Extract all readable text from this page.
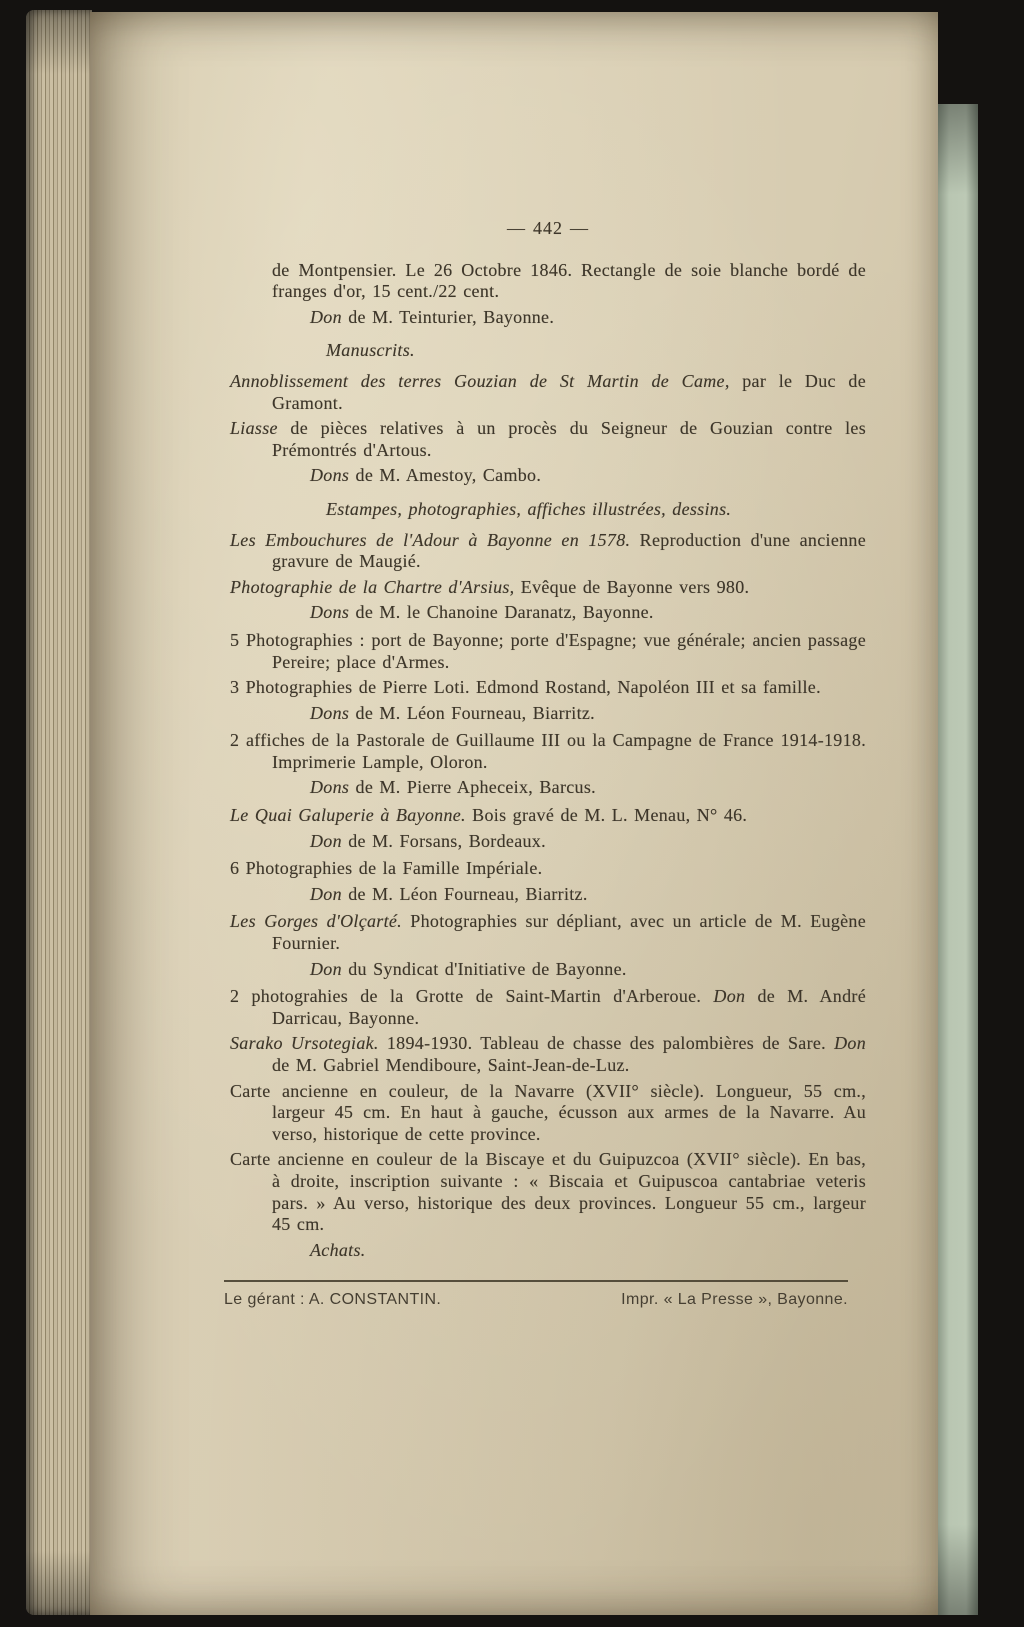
— 442 —

de Montpensier. Le 26 Octobre 1846. Rectangle de soie blanche bordé de franges d'or, 15 cent./22 cent.

Don de M. Teinturier, Bayonne.

Manuscrits.

Annoblissement des terres Gouzian de St Martin de Came, par le Duc de Gramont.

Liasse de pièces relatives à un procès du Seigneur de Gouzian contre les Prémontrés d'Artous.

Dons de M. Amestoy, Cambo.

Estampes, photographies, affiches illustrées, dessins.

Les Embouchures de l'Adour à Bayonne en 1578. Reproduction d'une ancienne gravure de Maugié.

Photographie de la Chartre d'Arsius, Evêque de Bayonne vers 980.

Dons de M. le Chanoine Daranatz, Bayonne.

5 Photographies : port de Bayonne; porte d'Espagne; vue générale; ancien passage Pereire; place d'Armes.

3 Photographies de Pierre Loti. Edmond Rostand, Napoléon III et sa famille.

Dons de M. Léon Fourneau, Biarritz.

2 affiches de la Pastorale de Guillaume III ou la Campagne de France 1914-1918. Imprimerie Lample, Oloron.

Dons de M. Pierre Apheceix, Barcus.

Le Quai Galuperie à Bayonne. Bois gravé de M. L. Menau, N° 46.

Don de M. Forsans, Bordeaux.

6 Photographies de la Famille Impériale.

Don de M. Léon Fourneau, Biarritz.

Les Gorges d'Olçarté. Photographies sur dépliant, avec un article de M. Eugène Fournier.

Don du Syndicat d'Initiative de Bayonne.

2 photograhies de la Grotte de Saint-Martin d'Arberoue. Don de M. André Darricau, Bayonne.

Sarako Ursotegiak. 1894-1930. Tableau de chasse des palombières de Sare. Don de M. Gabriel Mendiboure, Saint-Jean-de-Luz.

Carte ancienne en couleur, de la Navarre (XVII° siècle). Longueur, 55 cm., largeur 45 cm. En haut à gauche, écusson aux armes de la Navarre. Au verso, historique de cette province.

Carte ancienne en couleur de la Biscaye et du Guipuzcoa (XVII° siècle). En bas, à droite, inscription suivante : « Biscaia et Guipuscoa cantabriae veteris pars. » Au verso, historique des deux provinces. Longueur 55 cm., largeur 45 cm.

Achats.

Le gérant : A. CONSTANTIN.	Impr. « La Presse », Bayonne.
